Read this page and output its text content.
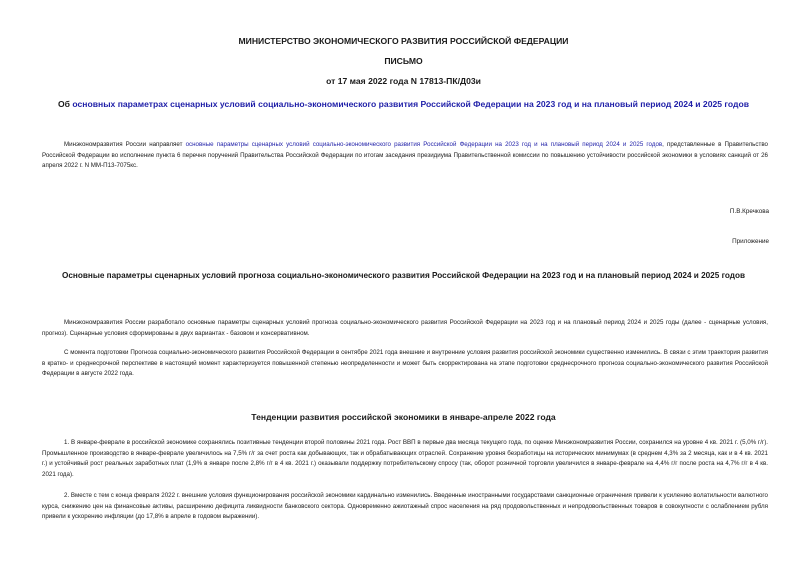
МИНИСТЕРСТВО ЭКОНОМИЧЕСКОГО РАЗВИТИЯ РОССИЙСКОЙ ФЕДЕРАЦИИ
ПИСЬМО
от 17 мая 2022 года N 17813-ПК/Д03и
Об основных параметрах сценарных условий социально-экономического развития Российской Федерации на 2023 год и на плановый период 2024 и 2025 годов
Минэкономразвития России направляет основные параметры сценарных условий социально-экономического развития Российской Федерации на 2023 год и на плановый период 2024 и 2025 годов, представленные в Правительство Российской Федерации во исполнение пункта 6 перечня поручений Правительства Российской Федерации по итогам заседания президиума Правительственной комиссии по повышению устойчивости российской экономики в условиях санкций от 26 апреля 2022 г. N ММ-П13-7075кс.
П.В.Кречкова
Приложение
Основные параметры сценарных условий прогноза социально-экономического развития Российской Федерации на 2023 год и на плановый период 2024 и 2025 годов
Минэкономразвития России разработало основные параметры сценарных условий прогноза социально-экономического развития Российской Федерации на 2023 год и на плановый период 2024 и 2025 годы (далее - сценарные условия, прогноз). Сценарные условия сформированы в двух вариантах - базовом и консервативном.
С момента подготовки Прогноза социально-экономического развития Российской Федерации в сентябре 2021 года внешние и внутренние условия развития российской экономики существенно изменились. В связи с этим траектория развития в кратко- и среднесрочной перспективе в настоящий момент характеризуется повышенной степенью неопределенности и может быть скорректирована на этапе подготовки среднесрочного прогноза социально-экономического развития Российской Федерации в августе 2022 года.
Тенденции развития российской экономики в январе-апреле 2022 года
1. В январе-феврале в российской экономике сохранялись позитивные тенденции второй половины 2021 года. Рост ВВП в первые два месяца текущего года, по оценке Минэкономразвития России, сохранился на уровне 4 кв. 2021 г. (5,0% г/г). Промышленное производство в январе-феврале увеличилось на 7,5% г/г за счет роста как добывающих, так и обрабатывающих отраслей. Сохранение уровня безработицы на исторических минимумах (в среднем 4,3% за 2 месяца, как и в 4 кв. 2021 г.) и устойчивый рост реальных заработных плат (1,9% в январе после 2,8% г/г в 4 кв. 2021 г.) оказывали поддержку потребительскому спросу (так, оборот розничной торговли увеличился в январе-феврале на 4,4% г/г после роста на 4,7% г/г в 4 кв. 2021 года).
2. Вместе с тем с конца февраля 2022 г. внешние условия функционирования российской экономики кардинально изменились. Введенные иностранными государствами санкционные ограничения привели к усилению волатильности валютного курса, снижению цен на финансовые активы, расширению дефицита ликвидности банковского сектора. Одновременно ажиотажный спрос населения на ряд продовольственных и непродовольственных товаров в совокупности с ослаблением рубля привели к ускорению инфляции (до 17,8% в апреле в годовом выражении).
